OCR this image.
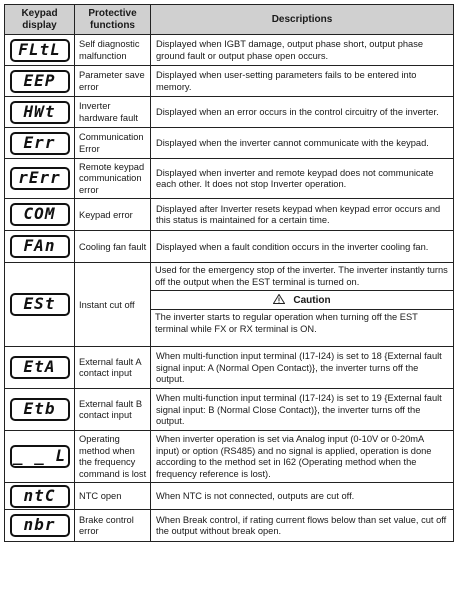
Keypad display	Protective functions	Descriptions
FLtL	Self diagnostic malfunction	Displayed when IGBT damage, output phase short, output phase ground fault or output phase open occurs.
EEP	Parameter save error	Displayed when user-setting parameters fails to be entered into memory.
HWt	Inverter hardware fault	Displayed when an error occurs in the control circuitry of the inverter.
Err	Communication Error	Displayed when the inverter cannot communicate with the keypad.
rErr	Remote keypad communication error	Displayed when inverter and remote keypad does not communicate each other. It does not stop Inverter operation.
COM	Keypad error	Displayed after Inverter resets keypad when keypad error occurs and this status is maintained for a certain time.
FAn	Cooling fan fault	Displayed when a fault condition occurs in the inverter cooling fan.
ESt	Instant cut off	Used for the emergency stop of the inverter. The inverter instantly turns off the output when the EST terminal is turned on.
Caution
The inverter starts to regular operation when turning off the EST terminal while FX or RX terminal is ON.

EtA	External fault A contact input	When multi-function input terminal (I17-I24) is set to 18 {External fault signal input: A (Normal Open Contact)}, the inverter turns off the output.
Etb	External fault B contact input	When multi-function input terminal (I17-I24) is set to 19 {External fault signal input: B (Normal Close Contact)}, the inverter turns off the output.
_ _ L	Operating method when the frequency command is lost	When inverter operation is set via Analog input (0-10V or 0-20mA input) or option (RS485) and no signal is applied, operation is done according to the method set in I62 (Operating method when the frequency reference is lost).
ntC	NTC open	When NTC is not connected, outputs are cut off.
nbr	Brake control error	When Break control, if rating current flows below than set value, cut off the output without break open.
